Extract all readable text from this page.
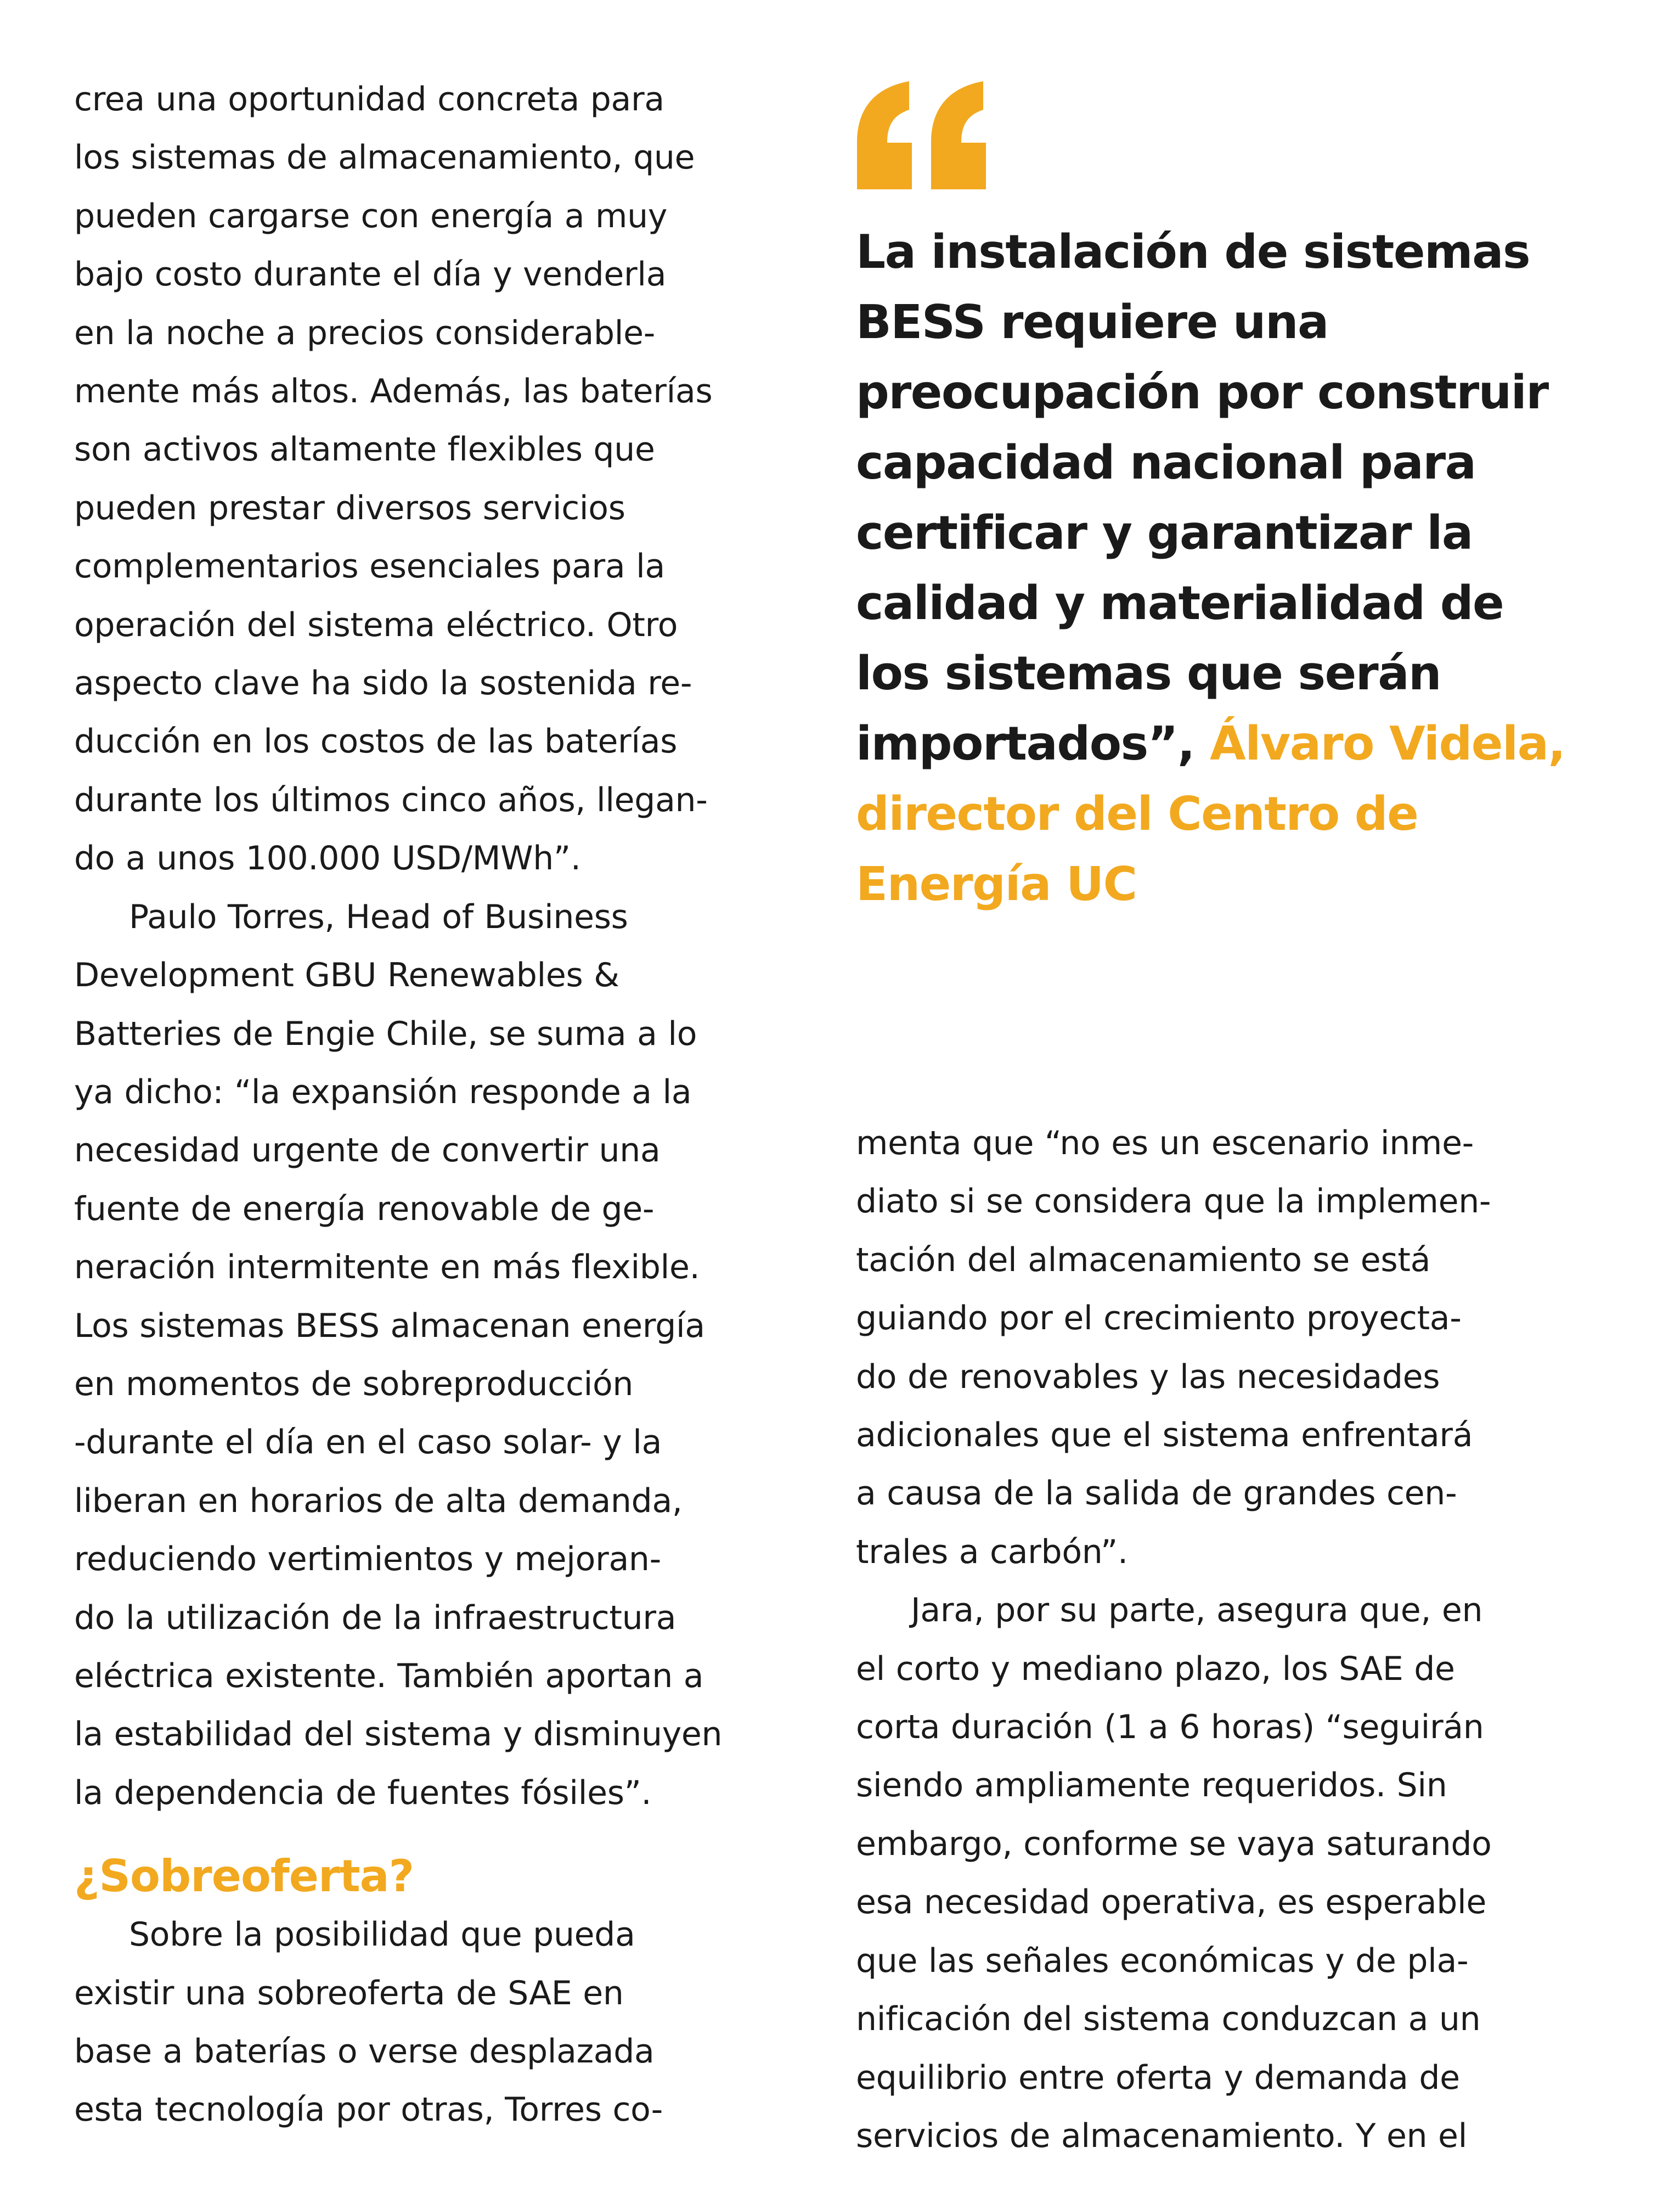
crea una oportunidad concreta para
los sistemas de almacenamiento, que
pueden cargarse con energía a muy
bajo costo durante el día y venderla
en la noche a precios considerable-
mente más altos. Además, las baterías
son activos altamente flexibles que
pueden prestar diversos servicios
complementarios esenciales para la
operación del sistema eléctrico. Otro
aspecto clave ha sido la sostenida re-
ducción en los costos de las baterías
durante los últimos cinco años, llegan-
do a unos 100.000 USD/MWh”.

Paulo Torres, Head of Business
Development GBU Renewables &
Batteries de Engie Chile, se suma a lo
ya dicho: “la expansión responde a la
necesidad urgente de convertir una
fuente de energía renovable de ge-
neración intermitente en más flexible.
Los sistemas BESS almacenan energía
en momentos de sobreproducción
-durante el día en el caso solar- y la
liberan en horarios de alta demanda,
reduciendo vertimientos y mejoran-
do la utilización de la infraestructura
eléctrica existente. También aportan a
la estabilidad del sistema y disminuyen
la dependencia de fuentes fósiles”.

¿Sobreoferta?

Sobre la posibilidad que pueda
existir una sobreoferta de SAE en
base a baterías o verse desplazada
esta tecnología por otras, Torres co-

La instalación de sistemas
BESS requiere una
preocupación por construir
capacidad nacional para
certificar y garantizar la
calidad y materialidad de
los sistemas que serán
importados”, Álvaro Videla,
director del Centro de
Energía UC

menta que “no es un escenario inme-
diato si se considera que la implemen-
tación del almacenamiento se está
guiando por el crecimiento proyecta-
do de renovables y las necesidades
adicionales que el sistema enfrentará
a causa de la salida de grandes cen-
trales a carbón”.

Jara, por su parte, asegura que, en
el corto y mediano plazo, los SAE de
corta duración (1 a 6 horas) “seguirán
siendo ampliamente requeridos. Sin
embargo, conforme se vaya saturando
esa necesidad operativa, es esperable
que las señales económicas y de pla-
nificación del sistema conduzcan a un
equilibrio entre oferta y demanda de
servicios de almacenamiento. Y en el
